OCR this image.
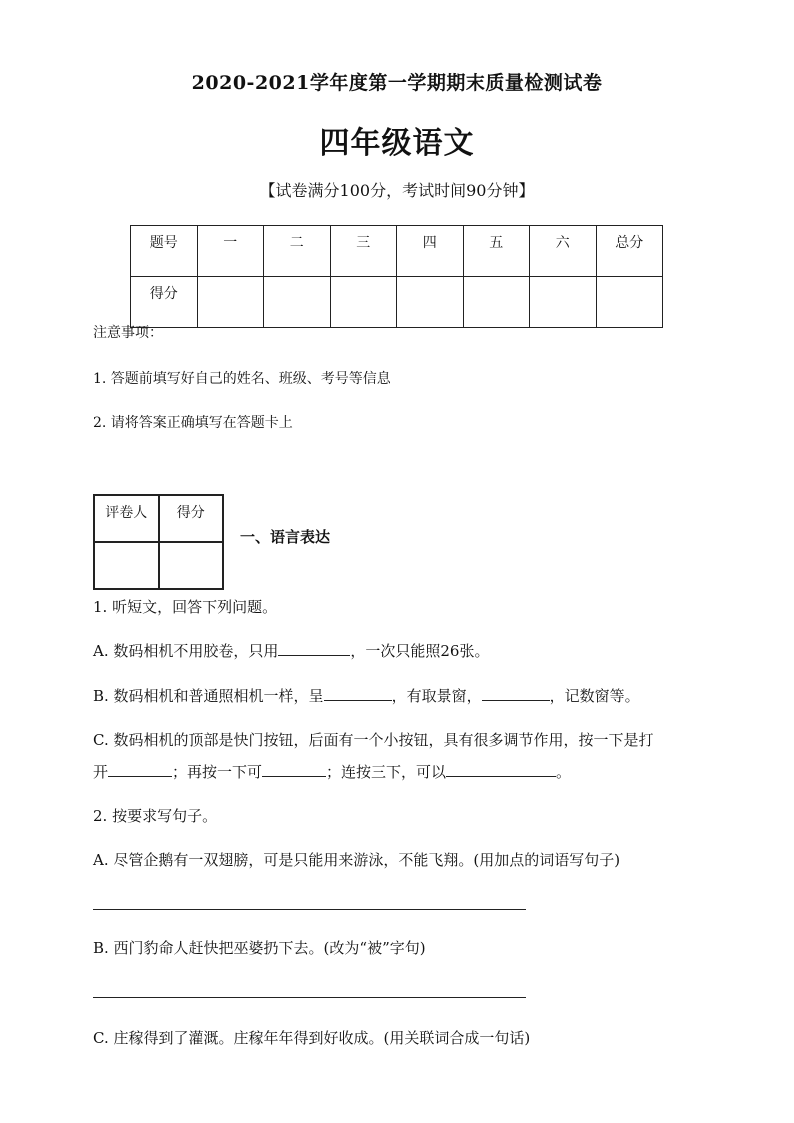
2020-2021学年度第一学期期末质量检测试卷
四年级语文
【试卷满分100分，考试时间90分钟】
题号	一	二	三	四	五	六	总分
得分							
注意事项：
1. 答题前填写好自己的姓名、班级、考号等信息
2. 请将答案正确填写在答题卡上
评卷人	得分

一、语言表达
1. 听短文，回答下列问题。
A. 数码相机不用胶卷，只用	，一次只能照26张。
B. 数码相机和普通照相机一样，呈	，有取景窗，	，记数窗等。
C. 数码相机的顶部是快门按钮，后面有一个小按钮，具有很多调节作用，按一下是打
开	；再按一下可	；连按三下，可以	。
2. 按要求写句子。
A. 尽管企鹅有一双翅膀，可是只能用来游泳，不能飞翔。(用加点的词语写句子)
B. 西门豹命人赶快把巫婆扔下去。(改为“被”字句)
C. 庄稼得到了灌溉。庄稼年年得到好收成。(用关联词合成一句话)
